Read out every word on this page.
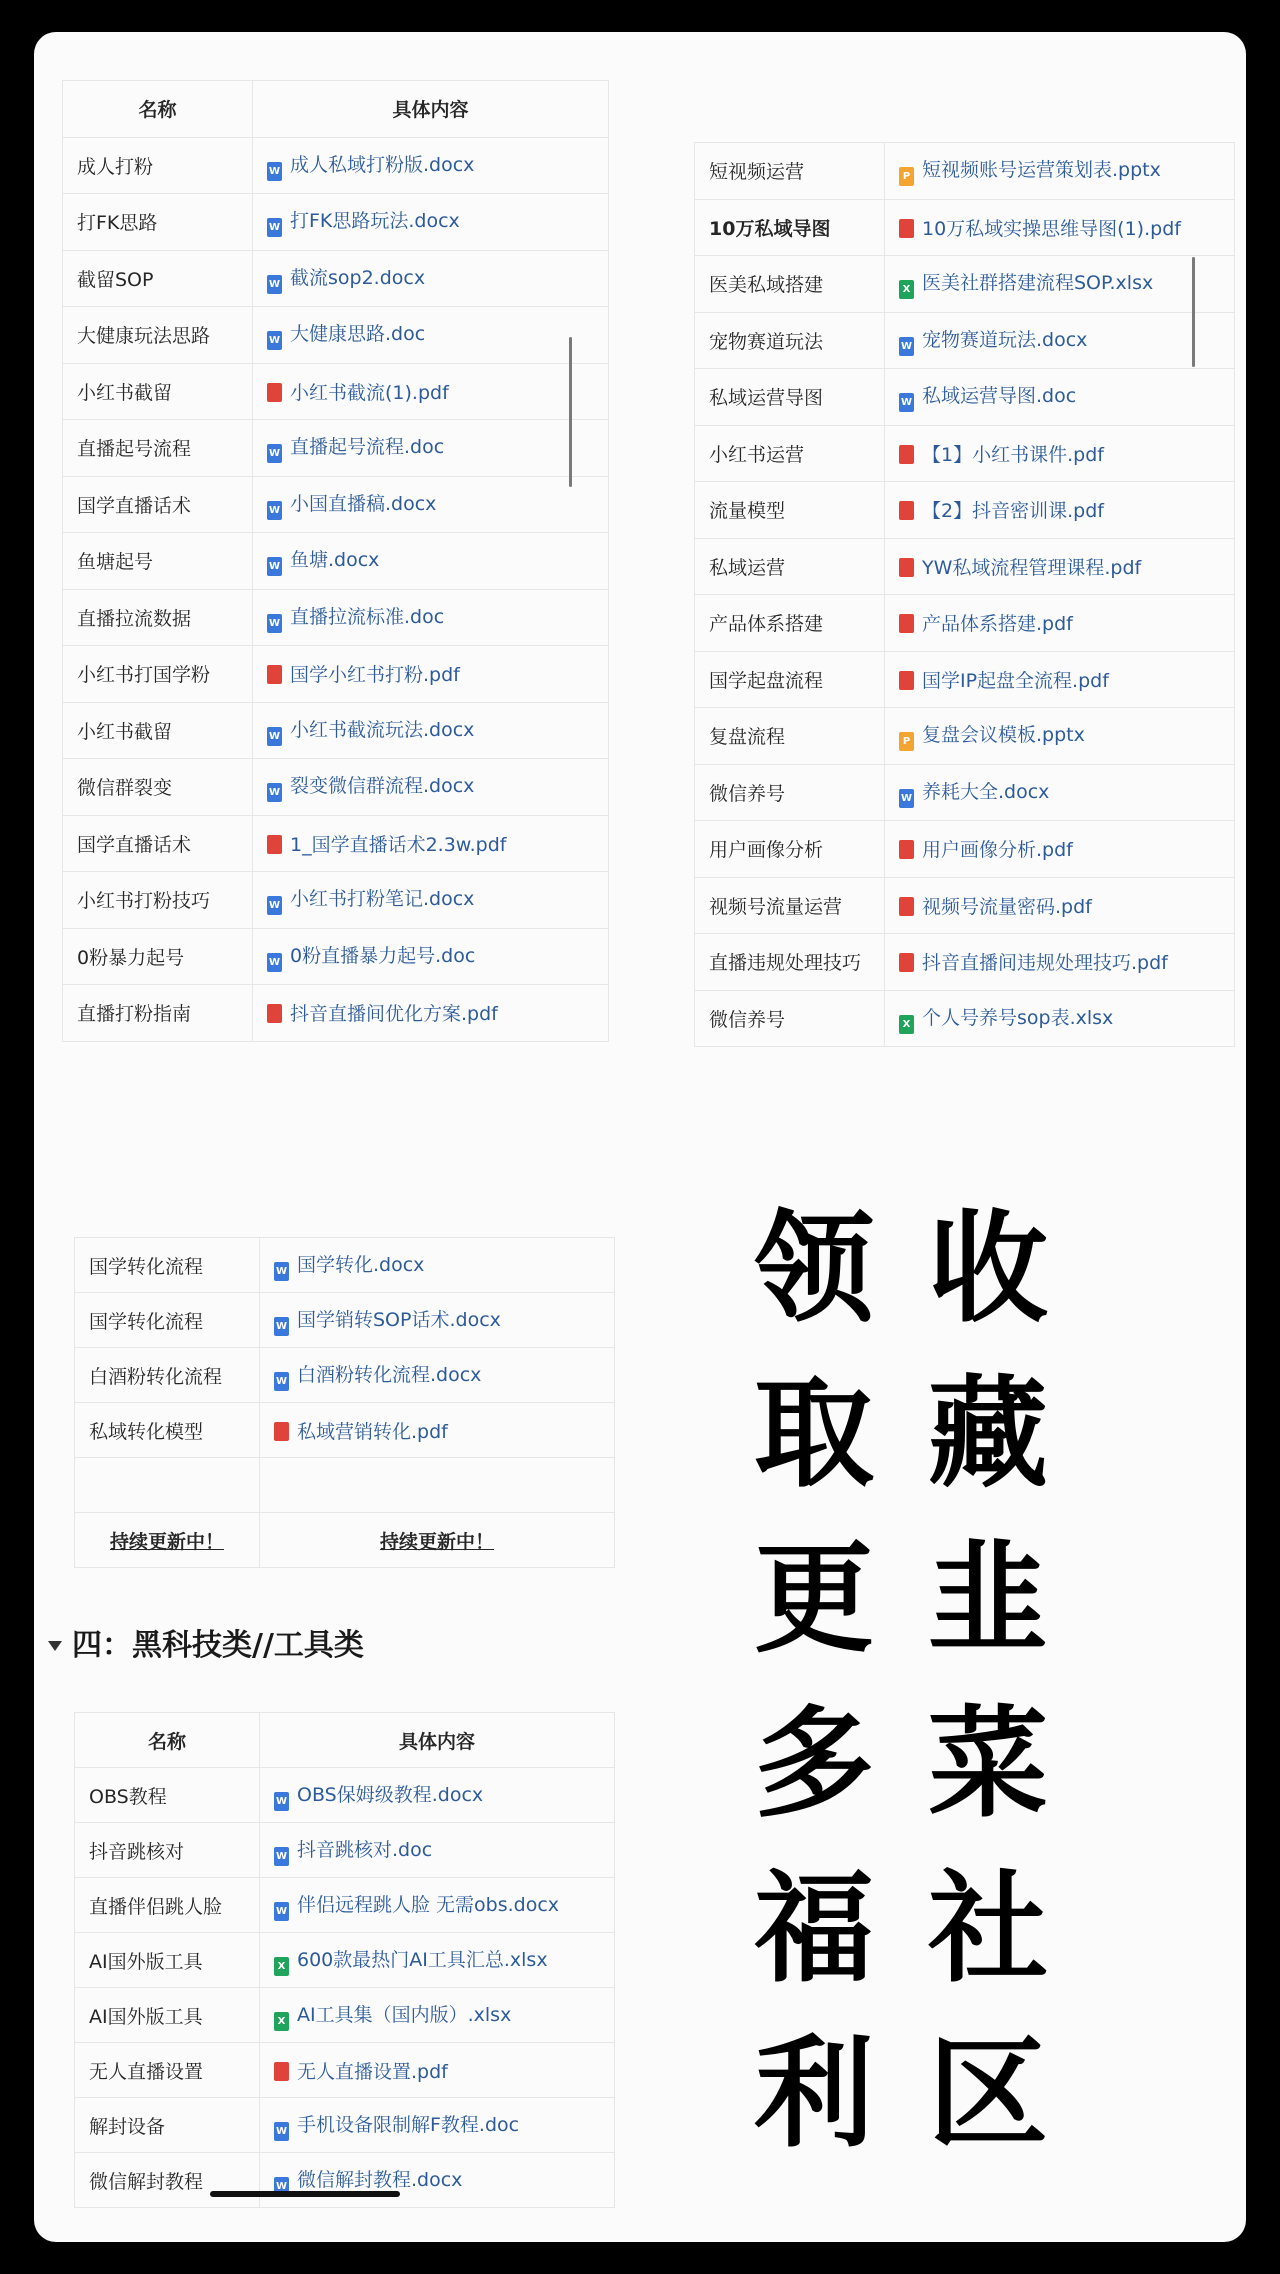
名称	具体内容
成人打粉	W 成人私域打粉版.docx
打FK思路	W 打FK思路玩法.docx
截留SOP	W 截流sop2.docx
大健康玩法思路	W 大健康思路.doc
小红书截留	小红书截流(1).pdf
直播起号流程	W 直播起号流程.doc
国学直播话术	W 小国直播稿.docx
鱼塘起号	W 鱼塘.docx
直播拉流数据	W 直播拉流标准.doc
小红书打国学粉	国学小红书打粉.pdf
小红书截留	W 小红书截流玩法.docx
微信群裂变	W 裂变微信群流程.docx
国学直播话术	1_国学直播话术2.3w.pdf
小红书打粉技巧	W 小红书打粉笔记.docx
0粉暴力起号	W 0粉直播暴力起号.doc
直播打粉指南	抖音直播间优化方案.pdf
短视频运营	P 短视频账号运营策划表.pptx
10万私域导图	10万私域实操思维导图(1).pdf
医美私域搭建	X 医美社群搭建流程SOP.xlsx
宠物赛道玩法	W 宠物赛道玩法.docx
私域运营导图	W 私域运营导图.doc
小红书运营	【1】小红书课件.pdf
流量模型	【2】抖音密训课.pdf
私域运营	YW私域流程管理课程.pdf
产品体系搭建	产品体系搭建.pdf
国学起盘流程	国学IP起盘全流程.pdf
复盘流程	P 复盘会议模板.pptx
微信养号	W 养耗大全.docx
用户画像分析	用户画像分析.pdf
视频号流量运营	视频号流量密码.pdf
直播违规处理技巧	抖音直播间违规处理技巧.pdf
微信养号	X 个人号养号sop表.xlsx
国学转化流程	W 国学转化.docx
国学转化流程	W 国学销转SOP话术.docx
白酒粉转化流程	W 白酒粉转化流程.docx
私域转化模型	私域营销转化.pdf

持续更新中！	持续更新中！
四：黑科技类//工具类
名称	具体内容
OBS教程	W OBS保姆级教程.docx
抖音跳核对	W 抖音跳核对.doc
直播伴侣跳人脸	W 伴侣远程跳人脸 无需obs.docx
AI国外版工具	X 600款最热门AI工具汇总.xlsx
AI国外版工具	X AI工具集（国内版）.xlsx
无人直播设置	无人直播设置.pdf
解封设备	W 手机设备限制解F教程.doc
微信解封教程	W 微信解封教程.docx
领
取
更
多
福
利
收
藏
韭
菜
社
区
